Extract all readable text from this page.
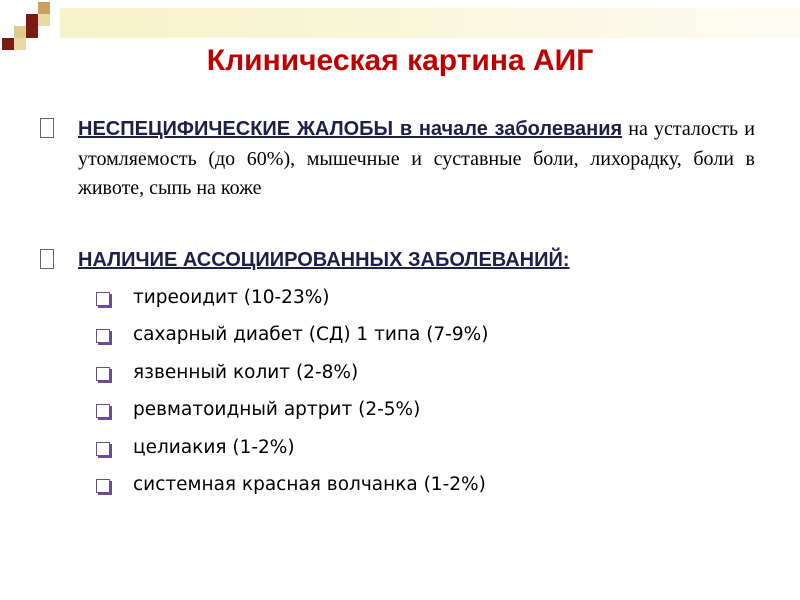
Клиническая картина АИГ

НЕСПЕЦИФИЧЕСКИЕ ЖАЛОБЫ в начале заболевания на усталость и утомляемость (до 60%), мышечные и суставные боли, лихорадку, боли в животе, сыпь на коже

НАЛИЧИЕ АССОЦИИРОВАННЫХ ЗАБОЛЕВАНИЙ:

тиреоидит (10-23%)
сахарный диабет (СД) 1 типа (7-9%)
язвенный колит (2-8%)
ревматоидный артрит (2-5%)
целиакия (1-2%)
системная красная волчанка (1-2%)
